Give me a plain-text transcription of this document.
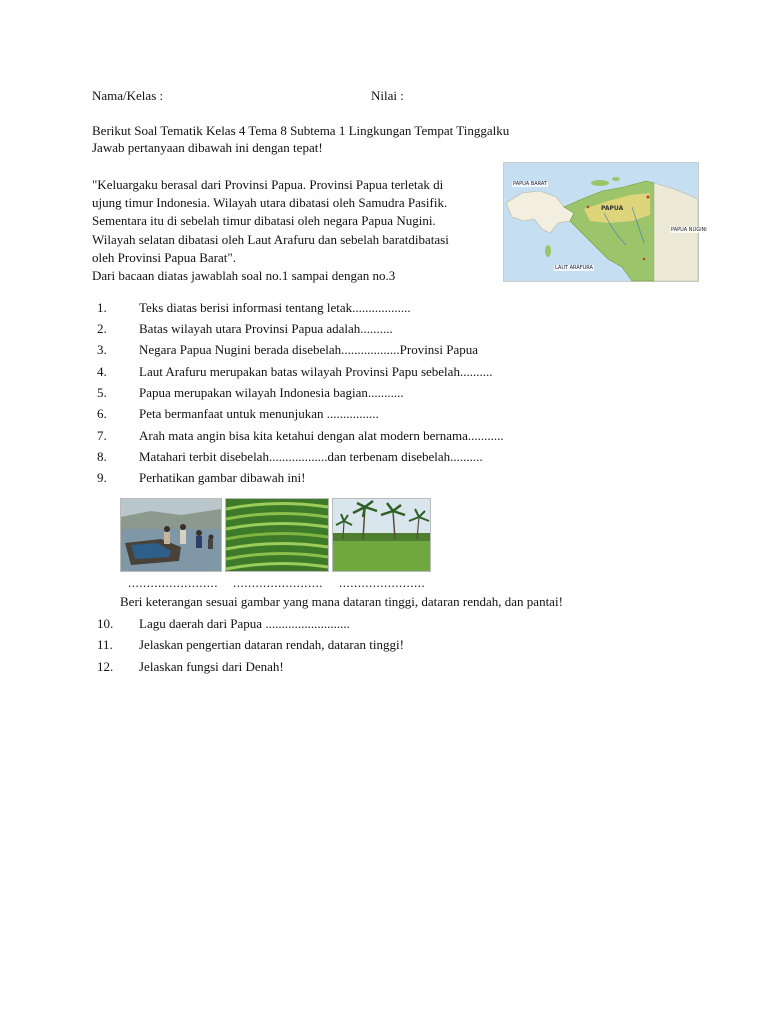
Nama/Kelas :	Nilai :
Berikut Soal Tematik Kelas 4 Tema 8 Subtema 1 Lingkungan Tempat Tinggalku
Jawab pertanyaan dibawah ini dengan tepat!
"Keluargaku berasal dari Provinsi Papua. Provinsi Papua terletak di
ujung timur Indonesia. Wilayah utara dibatasi oleh Samudra Pasifik.
Sementara itu di sebelah timur dibatasi oleh negara Papua Nugini.
Wilayah selatan dibatasi oleh Laut Arafuru dan sebelah baratdibatasi
oleh Provinsi Papua Barat".
Dari bacaan diatas jawablah soal no.1 sampai dengan no.3
PAPUA BARAT
PAPUA
PAPUA NUGINI
LAUT ARAFURA
1.	Teks diatas berisi informasi tentang letak..................
2.	Batas wilayah utara Provinsi Papua adalah..........
3.	Negara Papua Nugini berada disebelah..................Provinsi Papua
4.	Laut Arafuru merupakan batas wilayah Provinsi Papu sebelah..........
5.	Papua merupakan wilayah Indonesia bagian...........
6.	Peta bermanfaat untuk menunjukan ................
7.	Arah mata angin bisa kita ketahui dengan alat modern bernama...........
8.	Matahari terbit disebelah..................dan terbenam disebelah..........
9.	Perhatikan gambar dibawah ini!
........................ ........................ .......................
Beri keterangan sesuai gambar yang mana dataran tinggi, dataran rendah, dan pantai!
10.	Lagu daerah dari Papua ..........................
11.	Jelaskan pengertian dataran rendah, dataran tinggi!
12.	Jelaskan fungsi dari Denah!
